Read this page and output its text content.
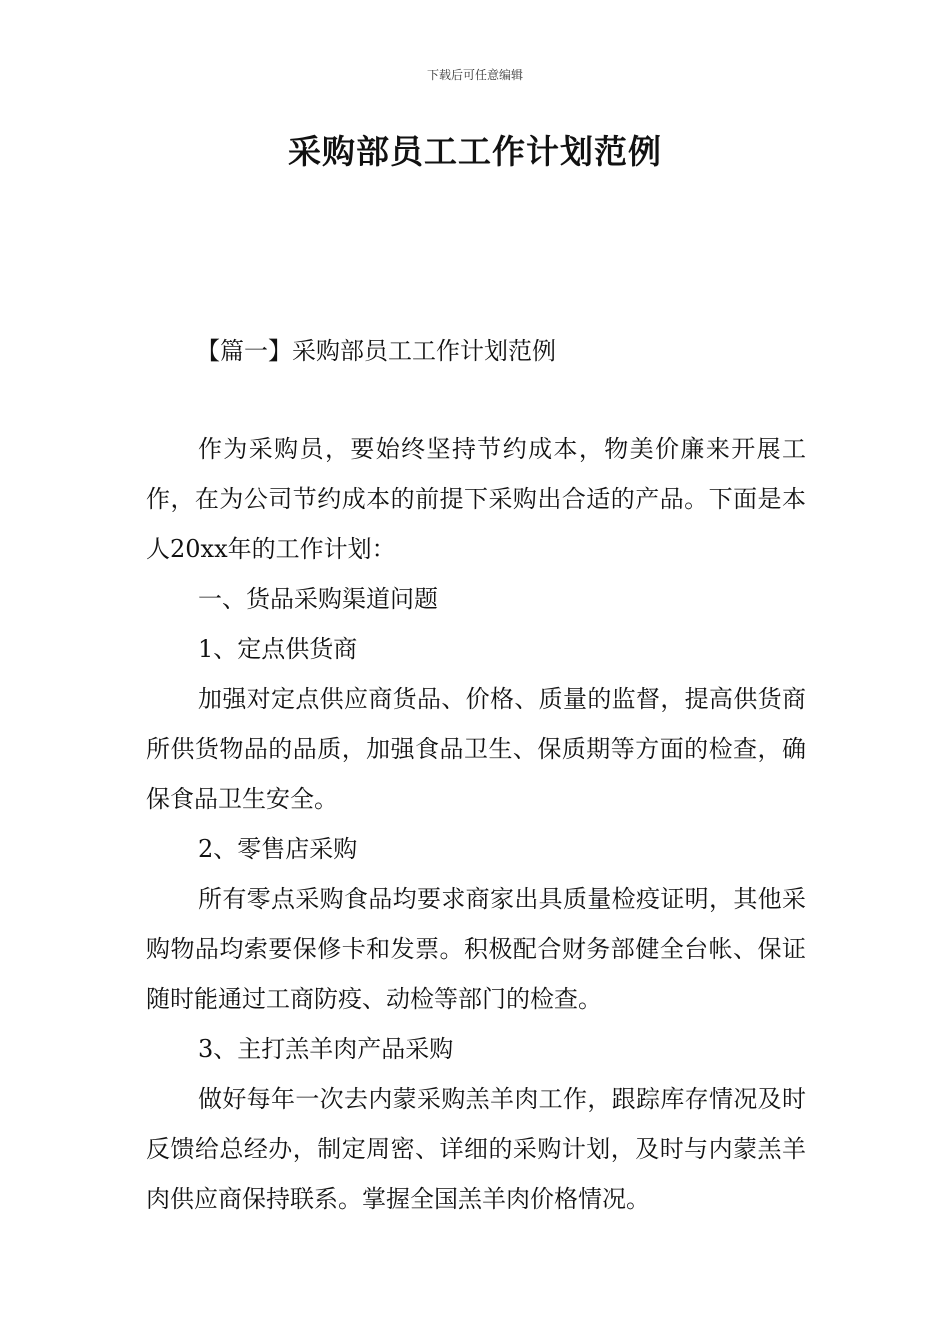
下载后可任意编辑
采购部员工工作计划范例
【篇一】采购部员工工作计划范例

作为采购员，要始终坚持节约成本，物美价廉来开展工作，在为公司节约成本的前提下采购出合适的产品。下面是本人20xx年的工作计划：

一、货品采购渠道问题

1、定点供货商

加强对定点供应商货品、价格、质量的监督，提高供货商所供货物品的品质，加强食品卫生、保质期等方面的检查，确保食品卫生安全。

2、零售店采购

所有零点采购食品均要求商家出具质量检疫证明，其他采购物品均索要保修卡和发票。积极配合财务部健全台帐、保证随时能通过工商防疫、动检等部门的检查。

3、主打羔羊肉产品采购

做好每年一次去内蒙采购羔羊肉工作，跟踪库存情况及时反馈给总经办，制定周密、详细的采购计划，及时与内蒙羔羊肉供应商保持联系。掌握全国羔羊肉价格情况。
